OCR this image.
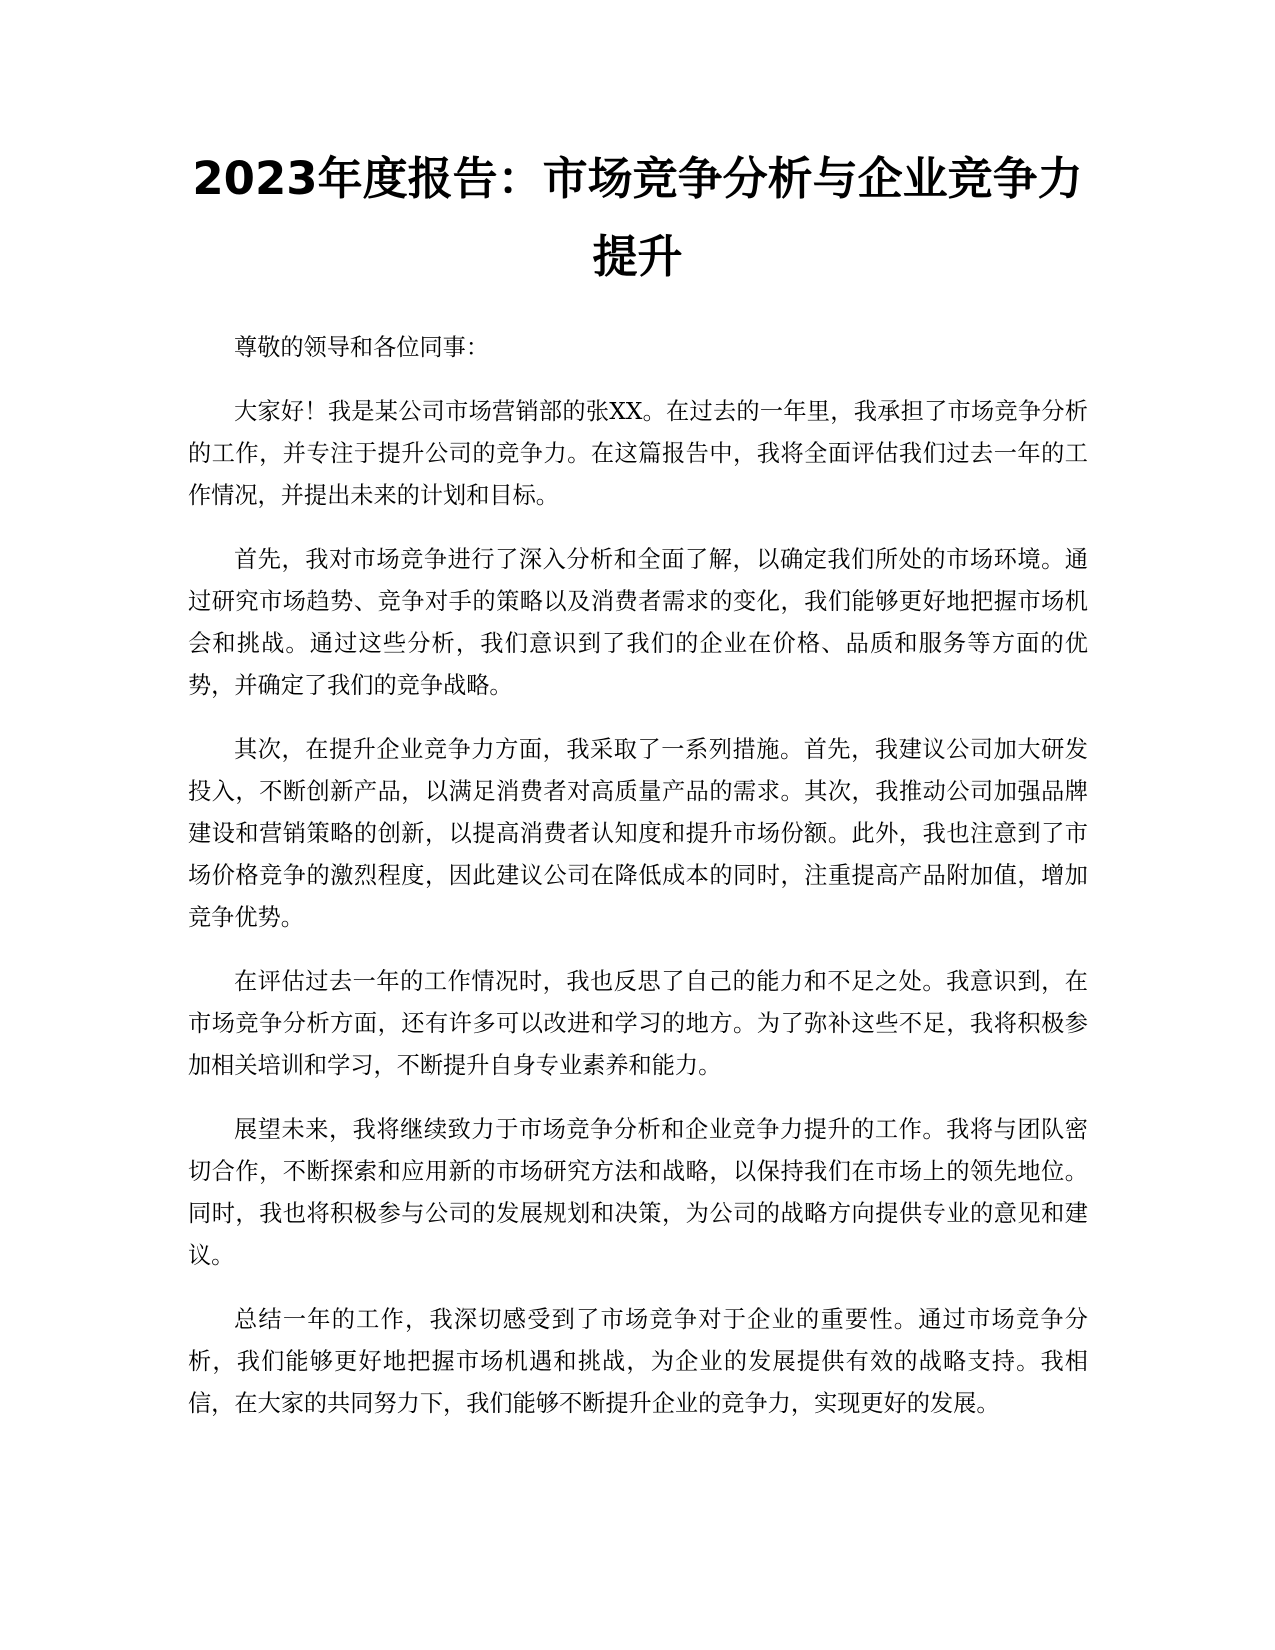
2023年度报告：市场竞争分析与企业竞争力
提升

尊敬的领导和各位同事：

大家好！我是某公司市场营销部的张XX。在过去的一年里，我承担了市场竞争分析的工作，并专注于提升公司的竞争力。在这篇报告中，我将全面评估我们过去一年的工作情况，并提出未来的计划和目标。

首先，我对市场竞争进行了深入分析和全面了解，以确定我们所处的市场环境。通过研究市场趋势、竞争对手的策略以及消费者需求的变化，我们能够更好地把握市场机会和挑战。通过这些分析，我们意识到了我们的企业在价格、品质和服务等方面的优势，并确定了我们的竞争战略。

其次，在提升企业竞争力方面，我采取了一系列措施。首先，我建议公司加大研发投入，不断创新产品，以满足消费者对高质量产品的需求。其次，我推动公司加强品牌建设和营销策略的创新，以提高消费者认知度和提升市场份额。此外，我也注意到了市场价格竞争的激烈程度，因此建议公司在降低成本的同时，注重提高产品附加值，增加竞争优势。

在评估过去一年的工作情况时，我也反思了自己的能力和不足之处。我意识到，在市场竞争分析方面，还有许多可以改进和学习的地方。为了弥补这些不足，我将积极参加相关培训和学习，不断提升自身专业素养和能力。

展望未来，我将继续致力于市场竞争分析和企业竞争力提升的工作。我将与团队密切合作，不断探索和应用新的市场研究方法和战略，以保持我们在市场上的领先地位。同时，我也将积极参与公司的发展规划和决策，为公司的战略方向提供专业的意见和建议。

总结一年的工作，我深切感受到了市场竞争对于企业的重要性。通过市场竞争分析，我们能够更好地把握市场机遇和挑战，为企业的发展提供有效的战略支持。我相信，在大家的共同努力下，我们能够不断提升企业的竞争力，实现更好的发展。
